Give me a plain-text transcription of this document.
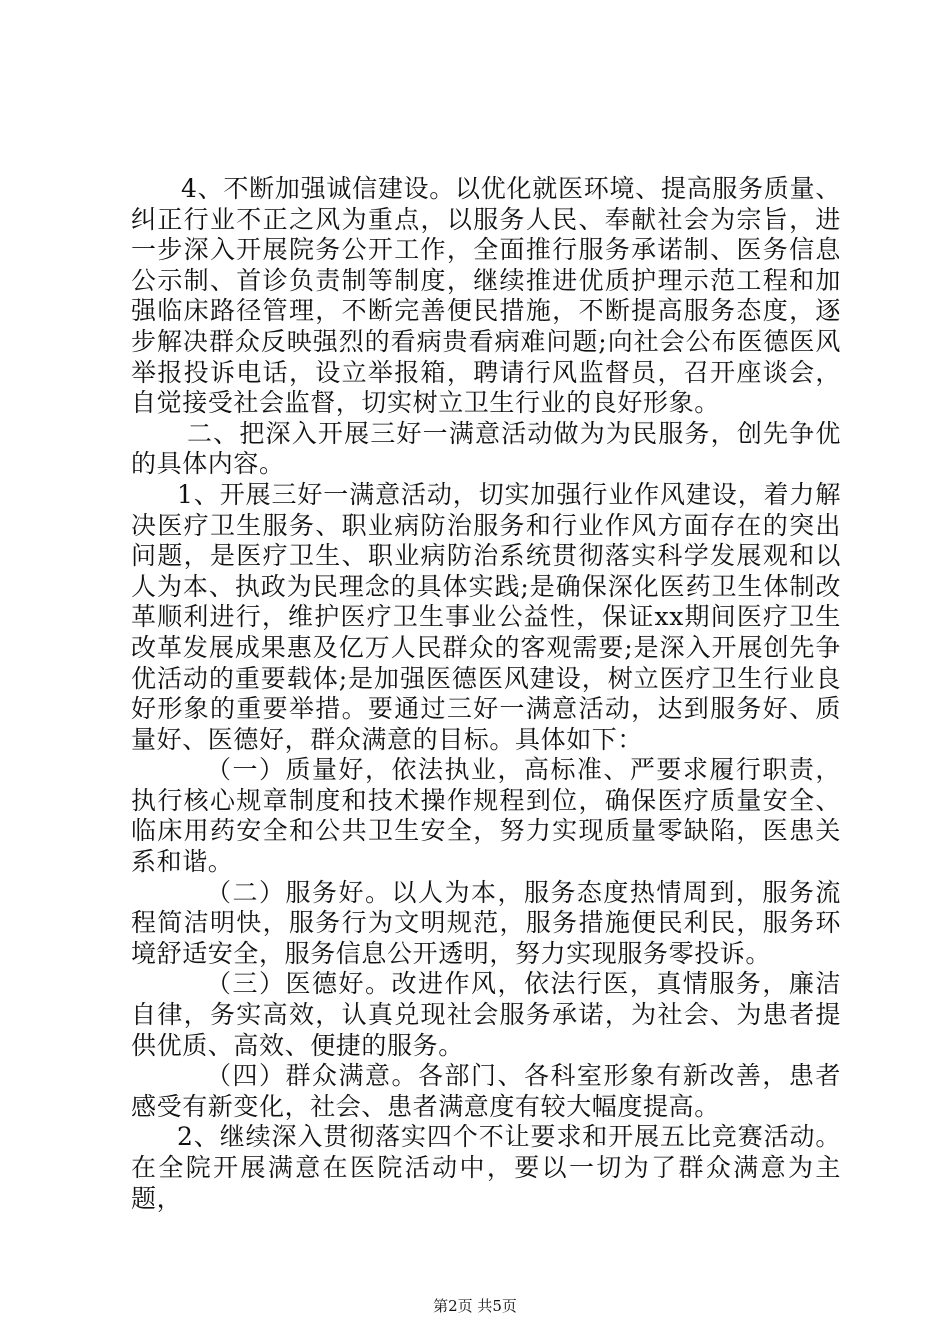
4、不断加强诚信建设。以优化就医环境、提高服务质量、纠正行业不正之风为重点，以服务人民、奉献社会为宗旨，进一步深入开展院务公开工作，全面推行服务承诺制、医务信息公示制、首诊负责制等制度，继续推进优质护理示范工程和加强临床路径管理，不断完善便民措施，不断提高服务态度，逐步解决群众反映强烈的看病贵看病难问题;向社会公布医德医风举报投诉电话，设立举报箱，聘请行风监督员，召开座谈会，自觉接受社会监督，切实树立卫生行业的良好形象。

二、把深入开展三好一满意活动做为为民服务，创先争优的具体内容。

1、开展三好一满意活动，切实加强行业作风建设，着力解决医疗卫生服务、职业病防治服务和行业作风方面存在的突出问题，是医疗卫生、职业病防治系统贯彻落实科学发展观和以人为本、执政为民理念的具体实践;是确保深化医药卫生体制改革顺利进行，维护医疗卫生事业公益性，保证xx期间医疗卫生改革发展成果惠及亿万人民群众的客观需要;是深入开展创先争优活动的重要载体;是加强医德医风建设，树立医疗卫生行业良好形象的重要举措。要通过三好一满意活动，达到服务好、质量好、医德好，群众满意的目标。具体如下：

（一）质量好，依法执业，高标准、严要求履行职责，执行核心规章制度和技术操作规程到位，确保医疗质量安全、临床用药安全和公共卫生安全，努力实现质量零缺陷，医患关系和谐。

（二）服务好。以人为本，服务态度热情周到，服务流程简洁明快，服务行为文明规范，服务措施便民利民，服务环境舒适安全，服务信息公开透明，努力实现服务零投诉。

（三）医德好。改进作风，依法行医，真情服务，廉洁自律，务实高效，认真兑现社会服务承诺，为社会、为患者提供优质、高效、便捷的服务。

（四）群众满意。各部门、各科室形象有新改善，患者感受有新变化，社会、患者满意度有较大幅度提高。

2、继续深入贯彻落实四个不让要求和开展五比竞赛活动。在全院开展满意在医院活动中，要以一切为了群众满意为主题，

第2页 共5页
